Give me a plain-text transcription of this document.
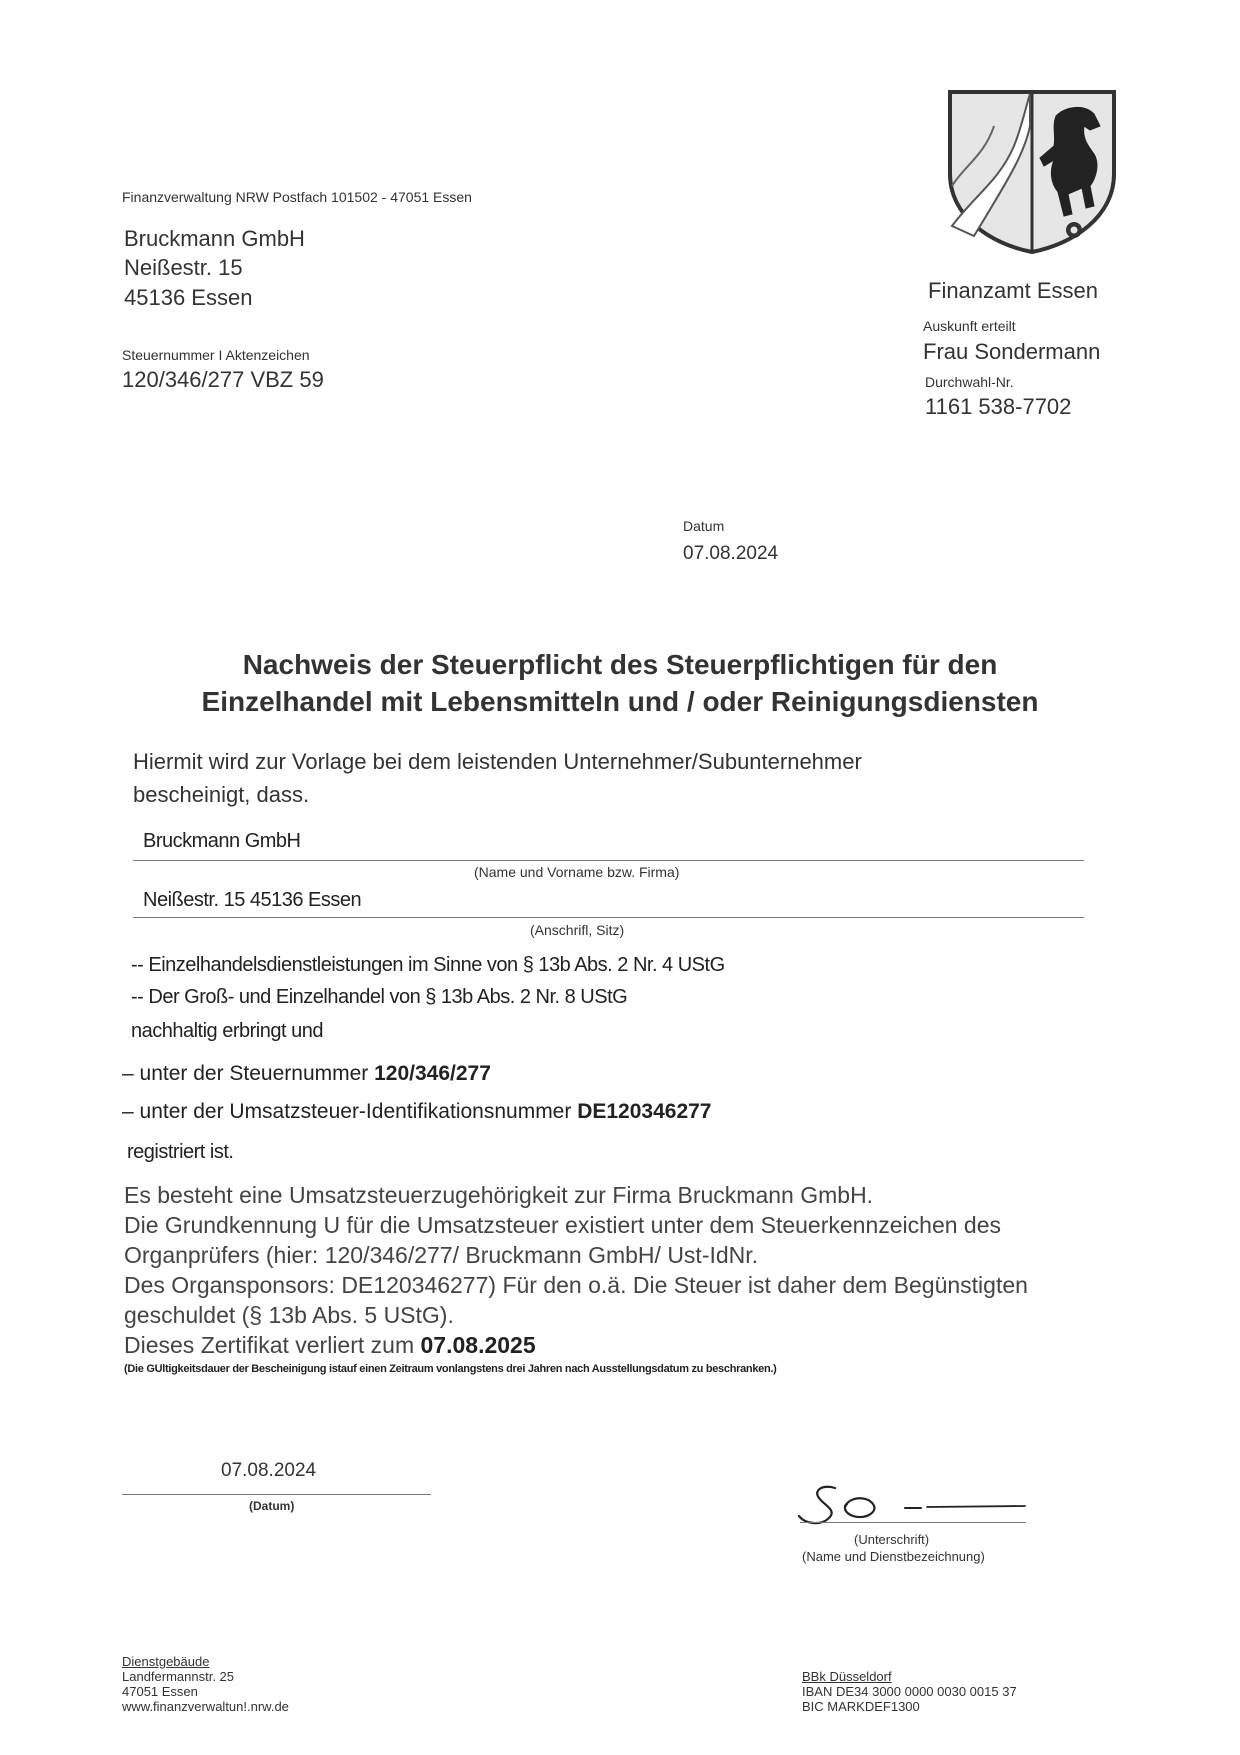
Finanzverwaltung NRW Postfach 101502 - 47051 Essen
Bruckmann GmbH
Neißestr. 15
45136 Essen
Steuernummer I Aktenzeichen
120/346/277 VBZ 59
Finanzamt Essen
Auskunft erteilt
Frau Sondermann
Durchwahl-Nr.
1161 538-7702
Datum
07.08.2024
Nachweis der Steuerpflicht des Steuerpflichtigen für den
Einzelhandel mit Lebensmitteln und / oder Reinigungsdiensten
Hiermit wird zur Vorlage bei dem leistenden Unternehmer/Subunternehmer
bescheinigt, dass.
Bruckmann GmbH
(Name und Vorname bzw. Firma)
Neißestr. 15 45136 Essen
(Anschrifl, Sitz)
-- Einzelhandelsdienstleistungen im Sinne von § 13b Abs. 2 Nr. 4 UStG
-- Der Groß- und Einzelhandel von § 13b Abs. 2 Nr. 8 UStG
nachhaltig erbringt und
– unter der Steuernummer 120/346/277
– unter der Umsatzsteuer-Identifikationsnummer DE120346277
registriert ist.
Es besteht eine Umsatzsteuerzugehörigkeit zur Firma Bruckmann GmbH.
Die Grundkennung U für die Umsatzsteuer existiert unter dem Steuerkennzeichen des
Organprüfers (hier: 120/346/277/ Bruckmann GmbH/ Ust-IdNr.
Des Organsponsors: DE120346277) Für den o.ä. Die Steuer ist daher dem Begünstigten
geschuldet (§ 13b Abs. 5 UStG).
Dieses Zertifikat verliert zum 07.08.2025
(Die GUltigkeitsdauer der Bescheinigung istauf einen Zeitraum vonlangstens drei Jahren nach Ausstellungsdatum zu beschranken.)
07.08.2024
(Datum)
(Unterschrift)
(Name und Dienstbezeichnung)
Dienstgebäude
Landfermannstr. 25
47051 Essen
www.finanzverwaltun!.nrw.de
BBk Düsseldorf
IBAN DE34 3000 0000 0030 0015 37
BIC MARKDEF1300
